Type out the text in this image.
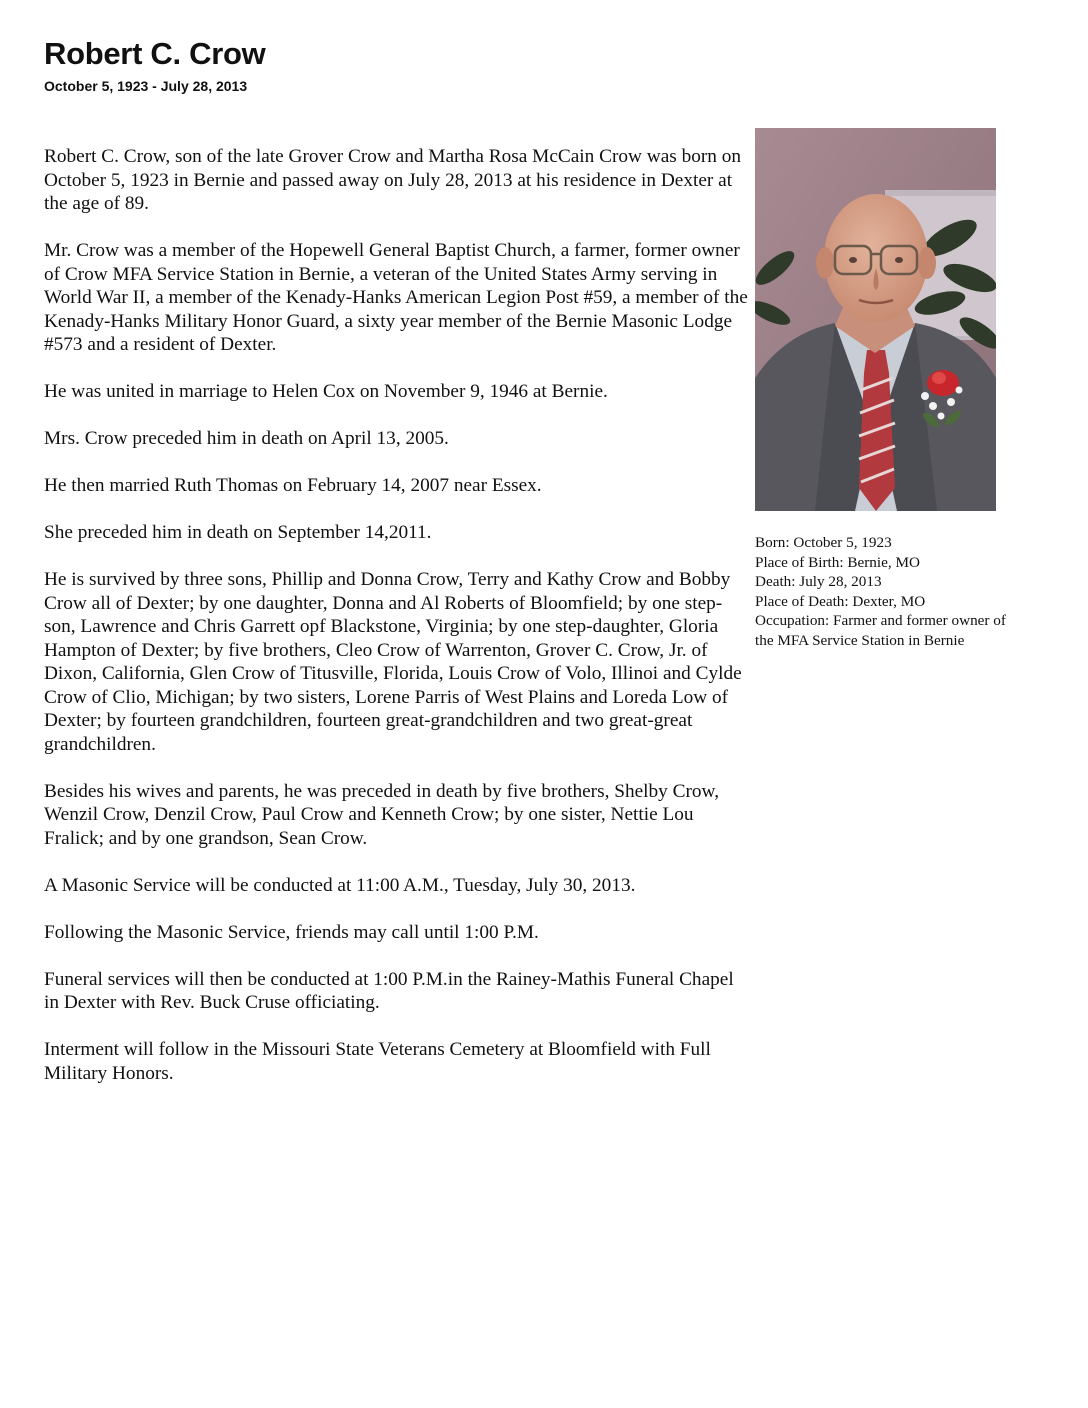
Robert C. Crow
October 5, 1923 - July 28, 2013

Robert C. Crow, son of the late Grover Crow and Martha Rosa McCain Crow was born on October 5, 1923 in Bernie and passed away on July 28, 2013 at his residence in Dexter at the age of 89.

Mr. Crow was a member of the Hopewell General Baptist Church, a farmer, former owner of Crow MFA Service Station in Bernie, a veteran of the United States Army serving in World War II, a member of the Kenady-Hanks American Legion Post #59, a member of the Kenady-Hanks Military Honor Guard, a sixty year member of the Bernie Masonic Lodge #573 and a resident of Dexter.

He was united in marriage to Helen Cox on November 9, 1946 at Bernie.

Mrs. Crow preceded him in death on April 13, 2005.

He then married Ruth Thomas on February 14, 2007 near Essex.

She preceded him in death on September 14,2011.

He is survived by three sons, Phillip and Donna Crow, Terry and Kathy Crow and Bobby Crow all of Dexter; by one daughter, Donna and Al Roberts of Bloomfield; by one step-son, Lawrence and Chris Garrett opf Blackstone, Virginia; by one step-daughter, Gloria Hampton of Dexter; by five brothers, Cleo Crow of Warrenton, Grover C. Crow, Jr. of Dixon, California, Glen Crow of Titusville, Florida, Louis Crow of Volo, Illinoi and Cylde Crow of Clio, Michigan; by two sisters, Lorene Parris of West Plains and Loreda Low of Dexter; by fourteen grandchildren, fourteen great-grandchildren and two great-great grandchildren.

Besides his wives and parents, he was preceded in death by five brothers, Shelby Crow, Wenzil Crow, Denzil Crow, Paul Crow and Kenneth Crow; by one sister, Nettie Lou Fralick; and by one grandson, Sean Crow.

A Masonic Service will be conducted at 11:00 A.M., Tuesday, July 30, 2013.

Following the Masonic Service, friends may call until 1:00 P.M.

Funeral services will then be conducted at 1:00 P.M.in the Rainey-Mathis Funeral Chapel in Dexter with Rev. Buck Cruse officiating.

Interment will follow in the Missouri State Veterans Cemetery at Bloomfield with Full Military Honors.

Born: October 5, 1923
Place of Birth: Bernie, MO
Death: July 28, 2013
Place of Death: Dexter, MO
Occupation: Farmer and former owner of the MFA Service Station in Bernie
